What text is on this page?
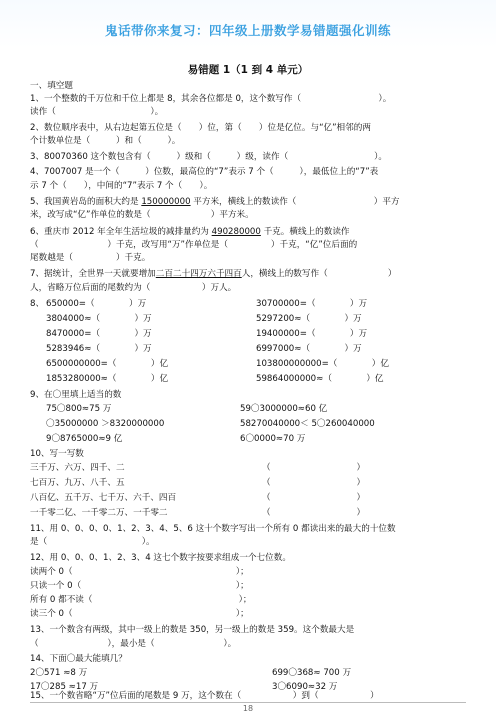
鬼话带你来复习：四年级上册数学易错题强化训练
易错题 1（1 到 4 单元）
一、填空题
1、一个整数的千万位和千位上都是 8，其余各位都是 0，这个数写作（　　　　　　　　　）。
读作（　　　　　　　　　　　）。
2、数位顺序表中，从右边起第五位是（　　）位，第（　　）位是亿位。与“亿”相邻的两
个计数单位是（　　　）和（　　　）。
3、80070360 这个数包含有（　　　）级和（　　　）级，读作（　　　　　　　　　　）。
4、7007007 是一个（　　　）位数，最高位的“7”表示 7 个（　　　），最低位上的“7”表
示 7 个（　　），中间的“7”表示 7 个（　　）。
5、我国黄岩岛的面积大约是 150000000 平方米，横线上的数读作（　　　　　　　　　）平方
米，改写成“亿”作单位的数是（　　　　　　　）平方米。
6、重庆市 2012 年全年生活垃圾的减排量约为 490280000 千克。横线上的数读作
（　　　　　　　　）千克，改写用“万”作单位是（　　　　　）千克，“亿”位后面的
尾数越是（　　　　　）千克。
7、据统计，全世界一天就要增加二百二十四万六千四百人，横线上的数写作（　　　　　　　）
人，省略万位后面的尾数约为（　　　　　　）万人。
8、 650000=（　　　　）万	30700000=（　　　　）万
3804000≈（　　　　）万	5297200≈（　　　　）万
8470000=（　　　　）万	19400000=（　　　　）万
5283946≈（　　　　）万	6997000≈（　　　　）万
6500000000=（　　　　）亿	103800000000=（　　　　）亿
1853280000≈（　　　　）亿	59864000000≈（　　　　）亿
9、在〇里填上适当的数
75〇800≈75 万	59〇3000000≈60 亿
〇35000000 ＞8320000000	58270040000＜ 5〇260040000
9〇8765000≈9 亿	6〇0000≈70 万
10、写一写数
三千万、六万、四千、二	（　　　　　　　　　　）
七百万、九万、八千、五	（　　　　　　　　　　）
八百亿、五千万、七千万、六千、四百	（　　　　　　　　　　）
一千零二亿、一千零二万、一千零二	（　　　　　　　　　　）
11、用 0、0、0、0、1、2、3、4、5、6 这十个数字写出一个所有 0 都读出来的最大的十位数
是（　　　　　　　　　　　）。
12、用 0、0、0、1、2、3、4 这七个数字按要求组成一个七位数。
读两个 0（　　　　　　　　　　　　　　　　　　　）；
只读一个 0（　　　　　　　　　　　　　　　　　　）；
所有 0 都不读（　　　　　　　　　　　　　　　　　）；
读三个 0（　　　　　　　　　　　　　　　　　　　）；
13、一个数含有两级，其中一级上的数是 350，另一级上的数是 359。这个数最大是
（　　　　　　　　），最小是（　　　　　　　　）。
14、下面〇最大能填几？
2〇571 ≈8 万	699〇368≈ 700 万
17〇285 ≈17 万	3〇6090≈32 万
15、一个数省略“万”位后面的尾数是 9 万，这个数在（　　　　　　）到（　　　　　　）
18
